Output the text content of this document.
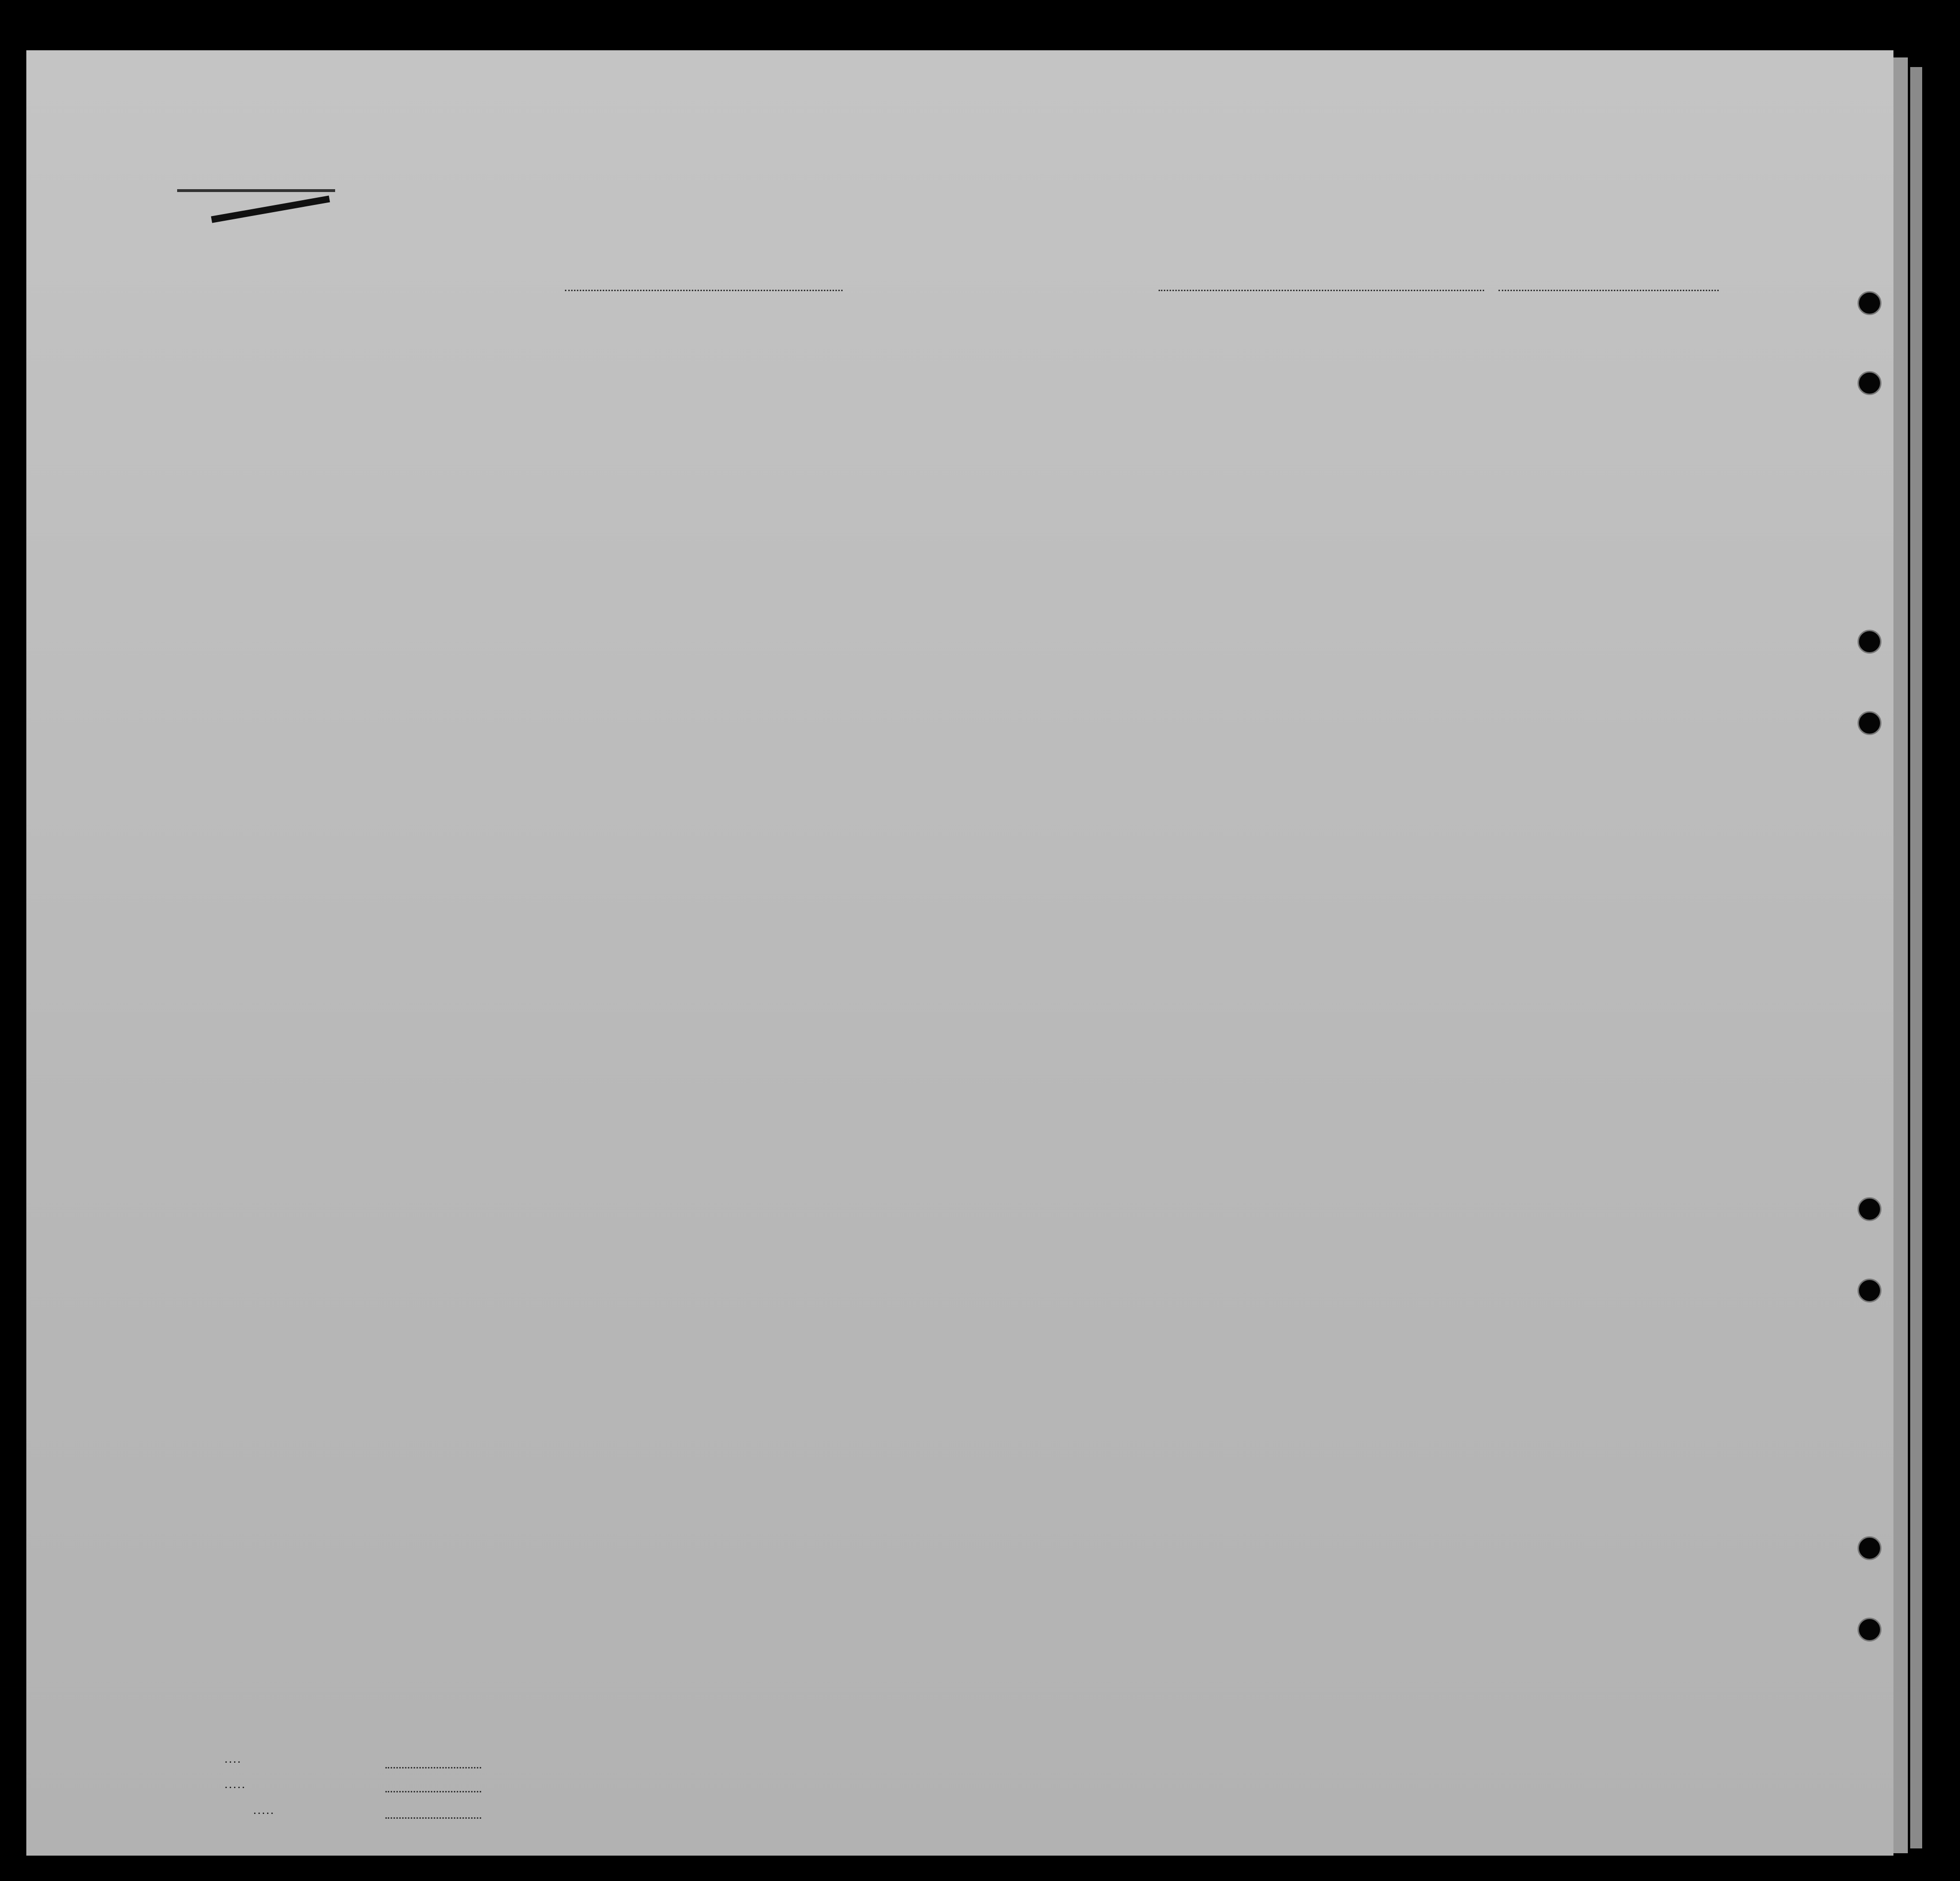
. . . .
. . . . .
. . . . .
